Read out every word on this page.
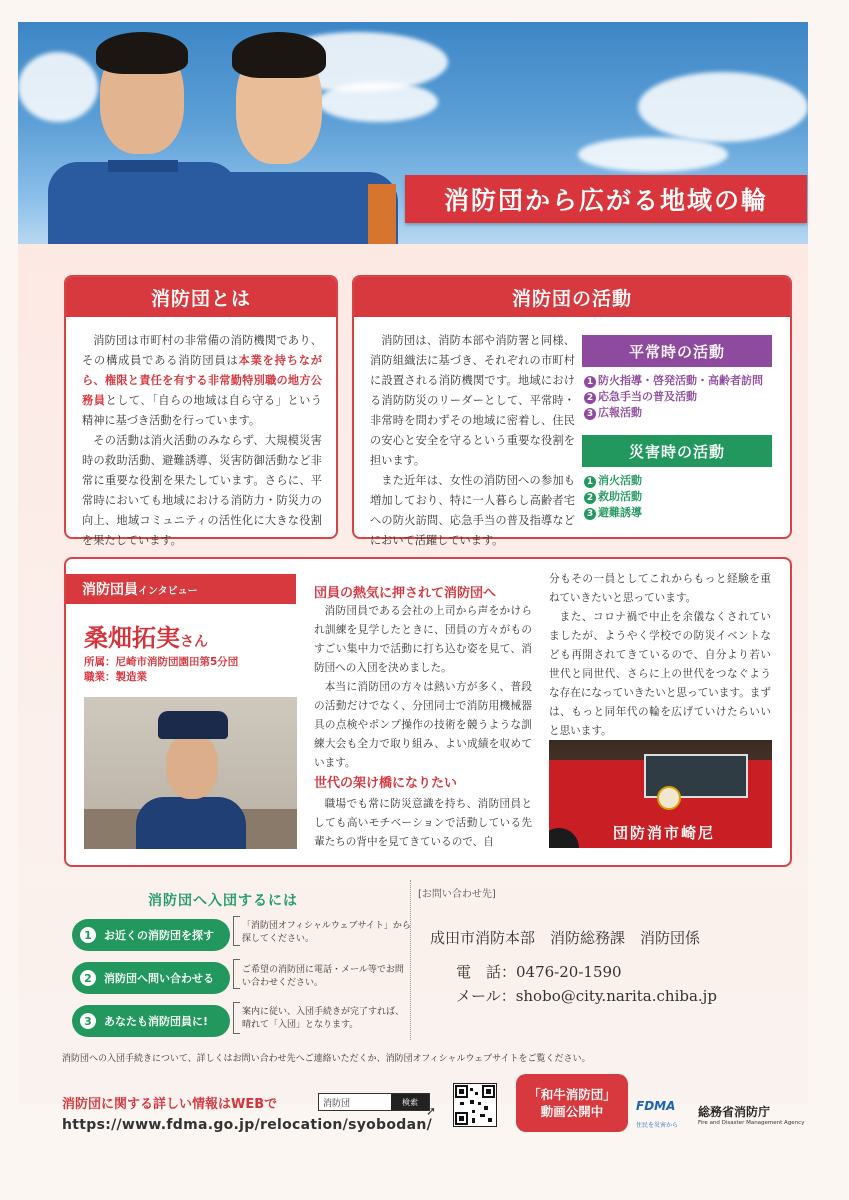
消防団から広がる地域の輪
消防団とは
消防団は市町村の非常備の消防機関であり、その構成員である消防団員は本業を持ちながら、権限と責任を有する非常勤特別職の地方公務員として、「自らの地域は自ら守る」という精神に基づき活動を行っています。
その活動は消火活動のみならず、大規模災害時の救助活動、避難誘導、災害防御活動など非常に重要な役割を果たしています。さらに、平常時においても地域における消防力・防災力の向上、地域コミュニティの活性化に大きな役割を果たしています。
消防団の活動
消防団は、消防本部や消防署と同様、消防組織法に基づき、それぞれの市町村に設置される消防機関です。地域における消防防災のリーダーとして、平常時・非常時を問わずその地域に密着し、住民の安心と安全を守るという重要な役割を担います。
また近年は、女性の消防団への参加も増加しており、特に一人暮らし高齢者宅への防火訪問、応急手当の普及指導などにおいて活躍しています。
平常時の活動
1 防火指導・啓発活動・高齢者訪問
2 応急手当の普及活動
3 広報活動
災害時の活動
1 消火活動
2 救助活動
3 避難誘導
消防団員 インタビュー
桑畑拓実さん
所属：尼崎市消防団園田第5分団
職業：製造業
団員の熱気に押されて消防団へ
消防団員である会社の上司から声をかけられ訓練を見学したときに、団員の方々がものすごい集中力で活動に打ち込む姿を見て、消防団への入団を決めました。
本当に消防団の方々は熱い方が多く、普段の活動だけでなく、分団同士で消防用機械器具の点検やポンプ操作の技術を競うような訓練大会も全力で取り組み、よい成績を収めています。
世代の架け橋になりたい
職場でも常に防災意識を持ち、消防団員としても高いモチベーションで活動している先輩たちの背中を見てきているので、自
分もその一員としてこれからもっと経験を重ねていきたいと思っています。
また、コロナ禍で中止を余儀なくされていましたが、ようやく学校での防災イベントなども再開されてきているので、自分より若い世代と同世代、さらに上の世代をつなぐような存在になっていきたいと思っています。まずは、もっと同年代の輪を広げていけたらいいと思います。
団防消市崎尼
消防団へ入団するには
1	お近くの消防団を探す
「消防団オフィシャルウェブサイト」から探してください。
2	消防団へ問い合わせる
ご希望の消防団に電話・メール等でお問い合わせください。
3	あなたも消防団員に!
案内に従い、入団手続きが完了すれば、晴れて「入団」となります。
[お問い合わせ先]
成田市消防本部　消防総務課　消防団係
電　話：0476-20-1590
メール：shobo@city.narita.chiba.jp
消防団への入団手続きについて、詳しくはお問い合わせ先へご連絡いただくか、消防団オフィシャルウェブサイトをご覧ください。
消防団に関する詳しい情報はWEBで	消防団	検索
➚
https://www.fdma.go.jp/relocation/syobodan/
「和牛消防団」
動画公開中	FDMA
住民を災害から
総務省消防庁
Fire and Disaster Management Agency
